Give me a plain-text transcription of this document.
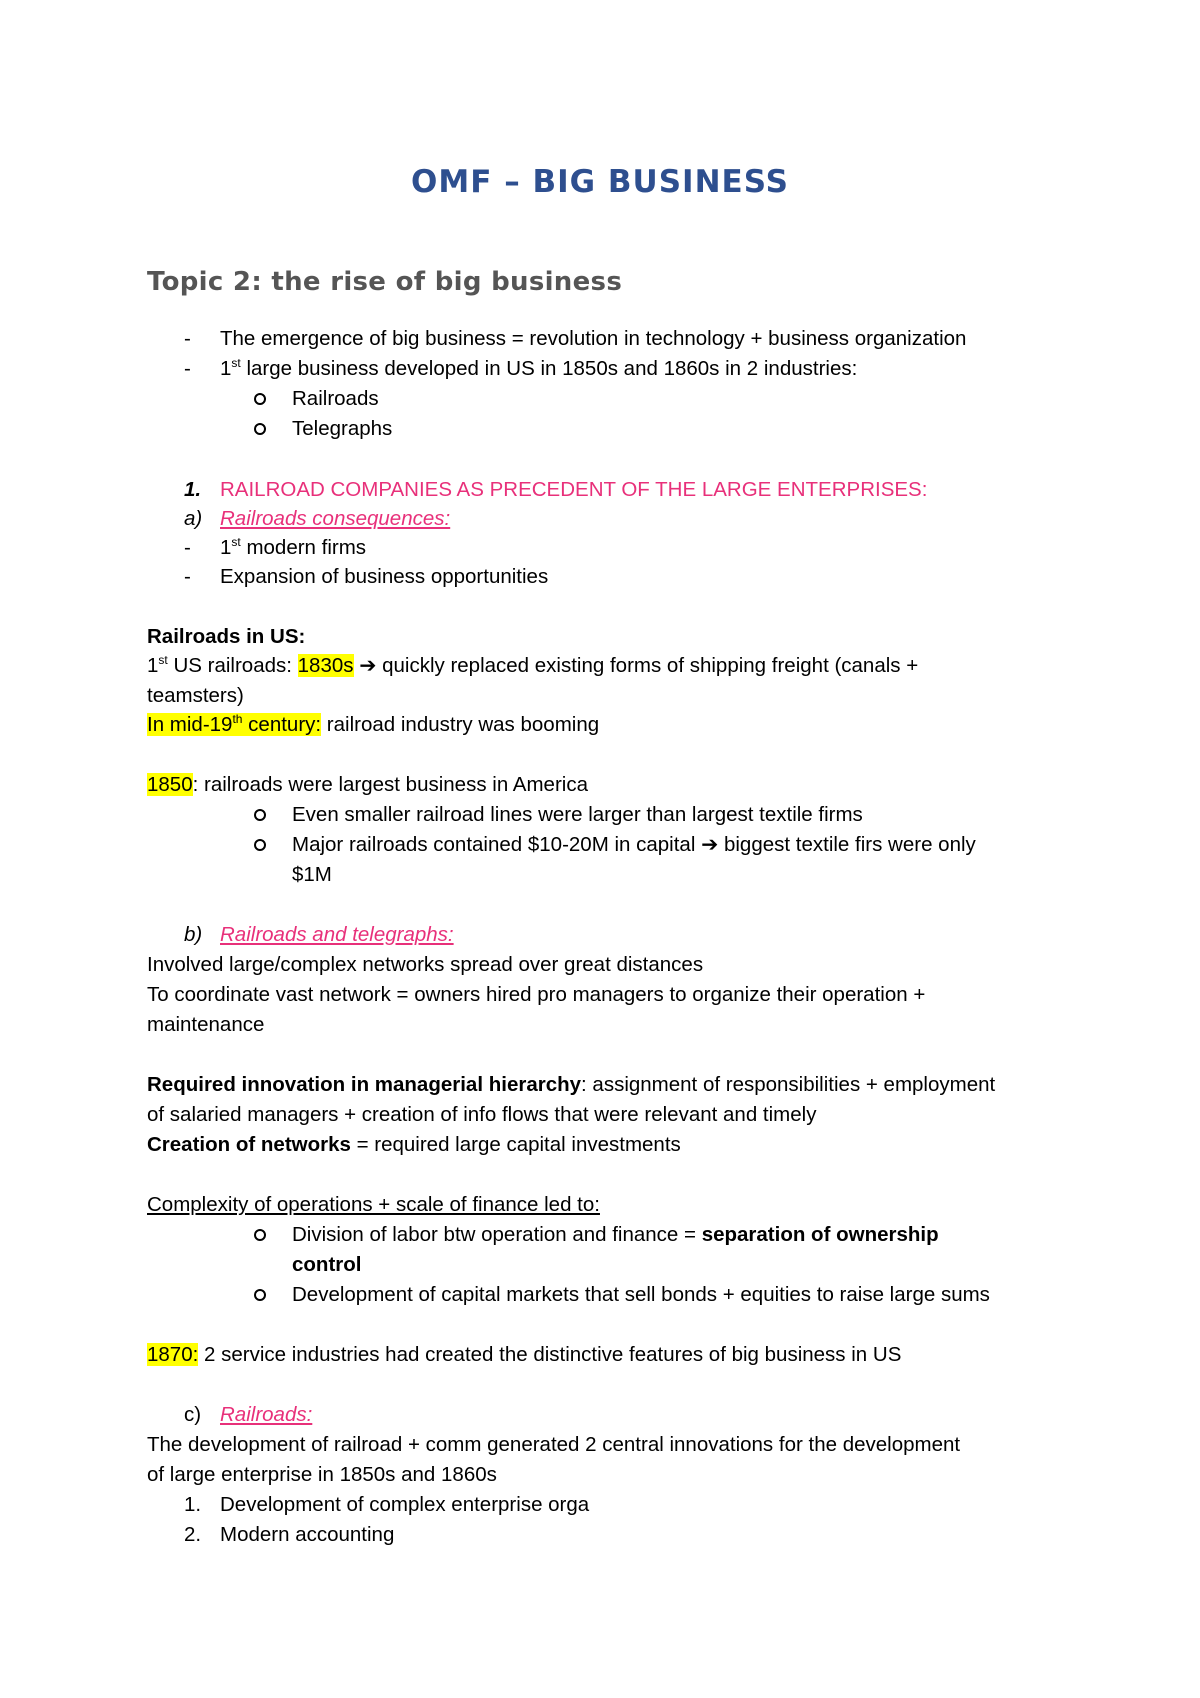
OMF – BIG BUSINESS
Topic 2: the rise of big business
- The emergence of big business = revolution in technology + business organization
- 1st large business developed in US in 1850s and 1860s in 2 industries:
Railroads
Telegraphs
1. RAILROAD COMPANIES AS PRECEDENT OF THE LARGE ENTERPRISES:
a) Railroads consequences:
- 1st modern firms
- Expansion of business opportunities
Railroads in US:
1st US railroads: 1830s ➔ quickly replaced existing forms of shipping freight (canals +
teamsters)
In mid-19th century: railroad industry was booming
1850: railroads were largest business in America
Even smaller railroad lines were larger than largest textile firms
Major railroads contained $10-20M in capital ➔ biggest textile firs were only
$1M
b) Railroads and telegraphs:
Involved large/complex networks spread over great distances
To coordinate vast network = owners hired pro managers to organize their operation +
maintenance
Required innovation in managerial hierarchy: assignment of responsibilities + employment
of salaried managers + creation of info flows that were relevant and timely
Creation of networks = required large capital investments
Complexity of operations + scale of finance led to:
Division of labor btw operation and finance = separation of ownership
control
Development of capital markets that sell bonds + equities to raise large sums
1870: 2 service industries had created the distinctive features of big business in US
c) Railroads:
The development of railroad + comm generated 2 central innovations for the development
of large enterprise in 1850s and 1860s
1. Development of complex enterprise orga
2. Modern accounting
